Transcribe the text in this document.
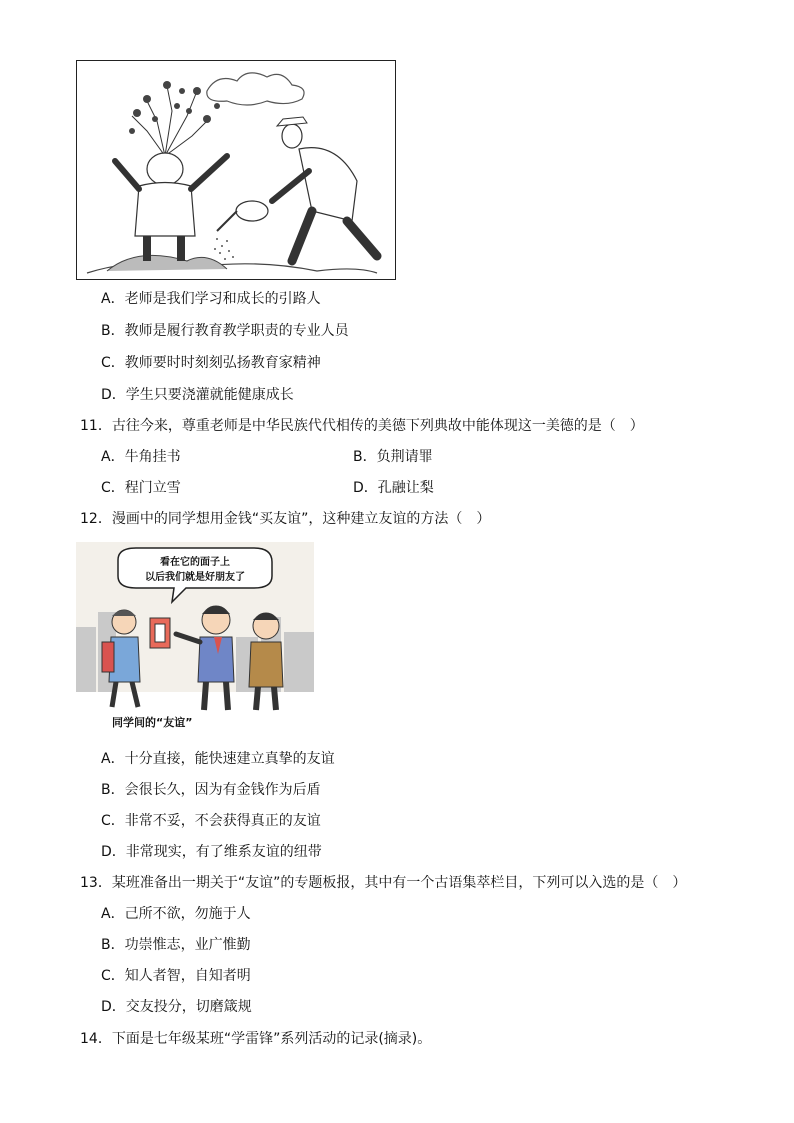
A．老师是我们学习和成长的引路人
B．教师是履行教育教学职责的专业人员
C．教师要时时刻刻弘扬教育家精神
D．学生只要浇灌就能健康成长
11．古往今来，尊重老师是中华民族代代相传的美德下列典故中能体现这一美德的是（　）
A．牛角挂书	B．负荆请罪
C．程门立雪	D．孔融让梨
12．漫画中的同学想用金钱“买友谊”，这种建立友谊的方法（　）
看在它的面子上
以后我们就是好朋友了
同学间的“友谊”
A．十分直接，能快速建立真挚的友谊
B．会很长久，因为有金钱作为后盾
C．非常不妥，不会获得真正的友谊
D．非常现实，有了维系友谊的纽带
13．某班准备出一期关于“友谊”的专题板报，其中有一个古语集萃栏目，下列可以入选的是（　）
A．己所不欲，勿施于人
B．功崇惟志，业广惟勤
C．知人者智，自知者明
D．交友投分，切磨箴规
14．下面是七年级某班“学雷锋”系列活动的记录(摘录)。
